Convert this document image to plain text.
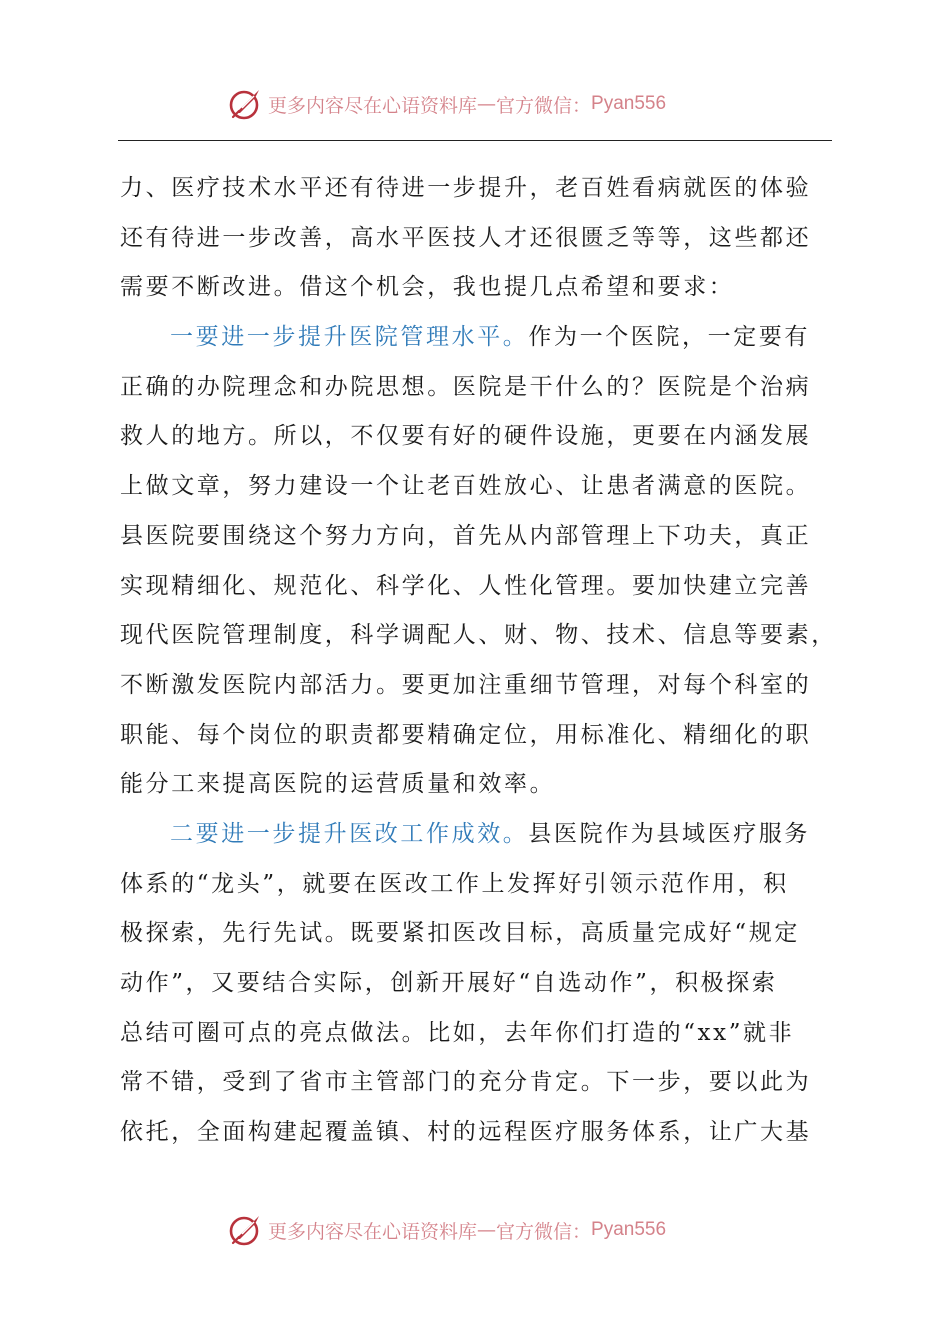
更多内容尽在心语资料库 — 官方微信： Pyan556
力、医疗技术水平还有待进一步提升，老百姓看病就医的体验
还有待进一步改善，高水平医技人才还很匮乏等等，这些都还
需要不断改进。借这个机会，我也提几点希望和要求：
一要进一步提升医院管理水平。作为一个医院，一定要有
正确的办院理念和办院思想。医院是干什么的？医院是个治病
救人的地方。所以，不仅要有好的硬件设施，更要在内涵发展
上做文章，努力建设一个让老百姓放心、让患者满意的医院。
县医院要围绕这个努力方向，首先从内部管理上下功夫，真正
实现精细化、规范化、科学化、人性化管理。要加快建立完善
现代医院管理制度，科学调配人、财、物、技术、信息等要素，
不断激发医院内部活力。要更加注重细节管理，对每个科室的
职能、每个岗位的职责都要精确定位，用标准化、精细化的职
能分工来提高医院的运营质量和效率。
二要进一步提升医改工作成效。县医院作为县域医疗服务
体系的“龙头”，就要在医改工作上发挥好引领示范作用，积
极探索，先行先试。既要紧扣医改目标，高质量完成好“规定
动作”，又要结合实际，创新开展好“自选动作”，积极探索
总结可圈可点的亮点做法。比如，去年你们打造的“xx”就非
常不错，受到了省市主管部门的充分肯定。下一步，要以此为
依托，全面构建起覆盖镇、村的远程医疗服务体系，让广大基
更多内容尽在心语资料库 — 官方微信： Pyan556
